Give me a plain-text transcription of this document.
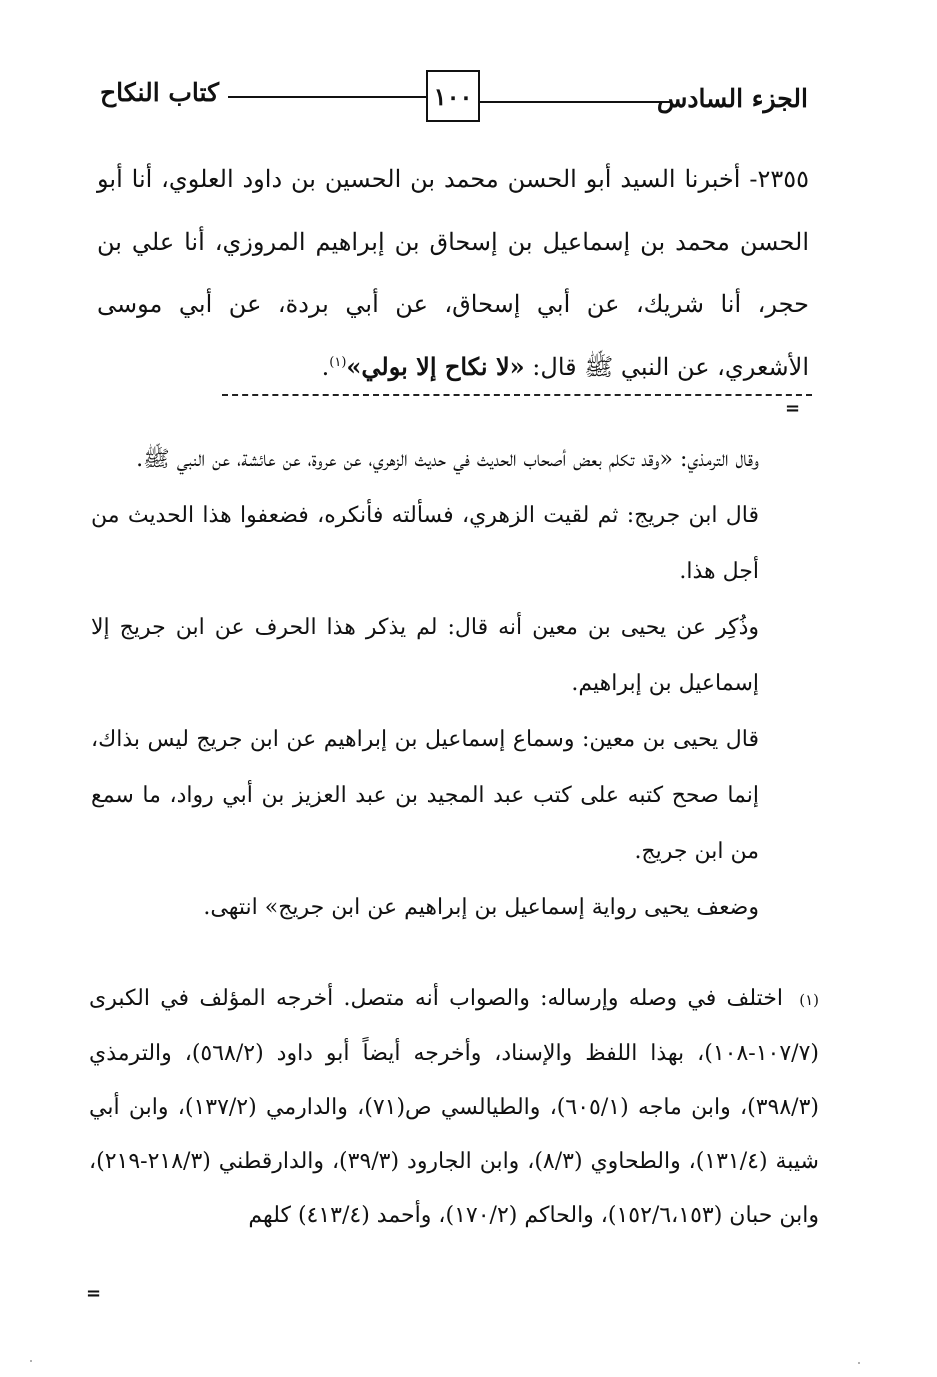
الجزء السادس
١٠٠
كتاب النكاح

٢٣٥٥- أخبرنا السيد أبو الحسن محمد بن الحسين بن داود العلوي، أنا أبو الحسن محمد بن إسماعيل بن إسحاق بن إبراهيم المروزي، أنا علي بن حجر، أنا شريك، عن أبي إسحاق، عن أبي بردة، عن أبي موسى الأشعري، عن النبي ﷺ قال: «لا نكاح إلا بولي»$^{(١)}$.

=

وقال الترمذي: «وقد تكلم بعض أصحاب الحديث في حديث الزهري، عن عروة، عن عائشة، عن النبي ﷺ.

قال ابن جريج: ثم لقيت الزهري، فسألته فأنكره، فضعفوا هذا الحديث من أجل هذا.

وذُكِر عن يحيى بن معين أنه قال: لم يذكر هذا الحرف عن ابن جريج إلا إسماعيل بن إبراهيم.

قال يحيى بن معين: وسماع إسماعيل بن إبراهيم عن ابن جريج ليس بذاك، إنما صحح كتبه على كتب عبد المجيد بن عبد العزيز بن أبي رواد، ما سمع من ابن جريج.

وضعف يحيى رواية إسماعيل بن إبراهيم عن ابن جريج» انتهى.

(١) اختلف في وصله وإرساله: والصواب أنه متصل. أخرجه المؤلف في الكبرى (١٠٧/٧-١٠٨)، بهذا اللفظ والإسناد، وأخرجه أيضاً أبو داود (٥٦٨/٢)، والترمذي (٣٩٨/٣)، وابن ماجه (٦٠٥/١)، والطيالسي ص(٧١)، والدارمي (١٣٧/٢)، وابن أبي شيبة (١٣١/٤)، والطحاوي (٨/٣)، وابن الجارود (٣٩/٣)، والدارقطني (٢١٨/٣-٢١٩)، وابن حبان (١٥٢/٦،١٥٣)، والحاكم (١٧٠/٢)، وأحمد (٤١٣/٤) كلهم
=
